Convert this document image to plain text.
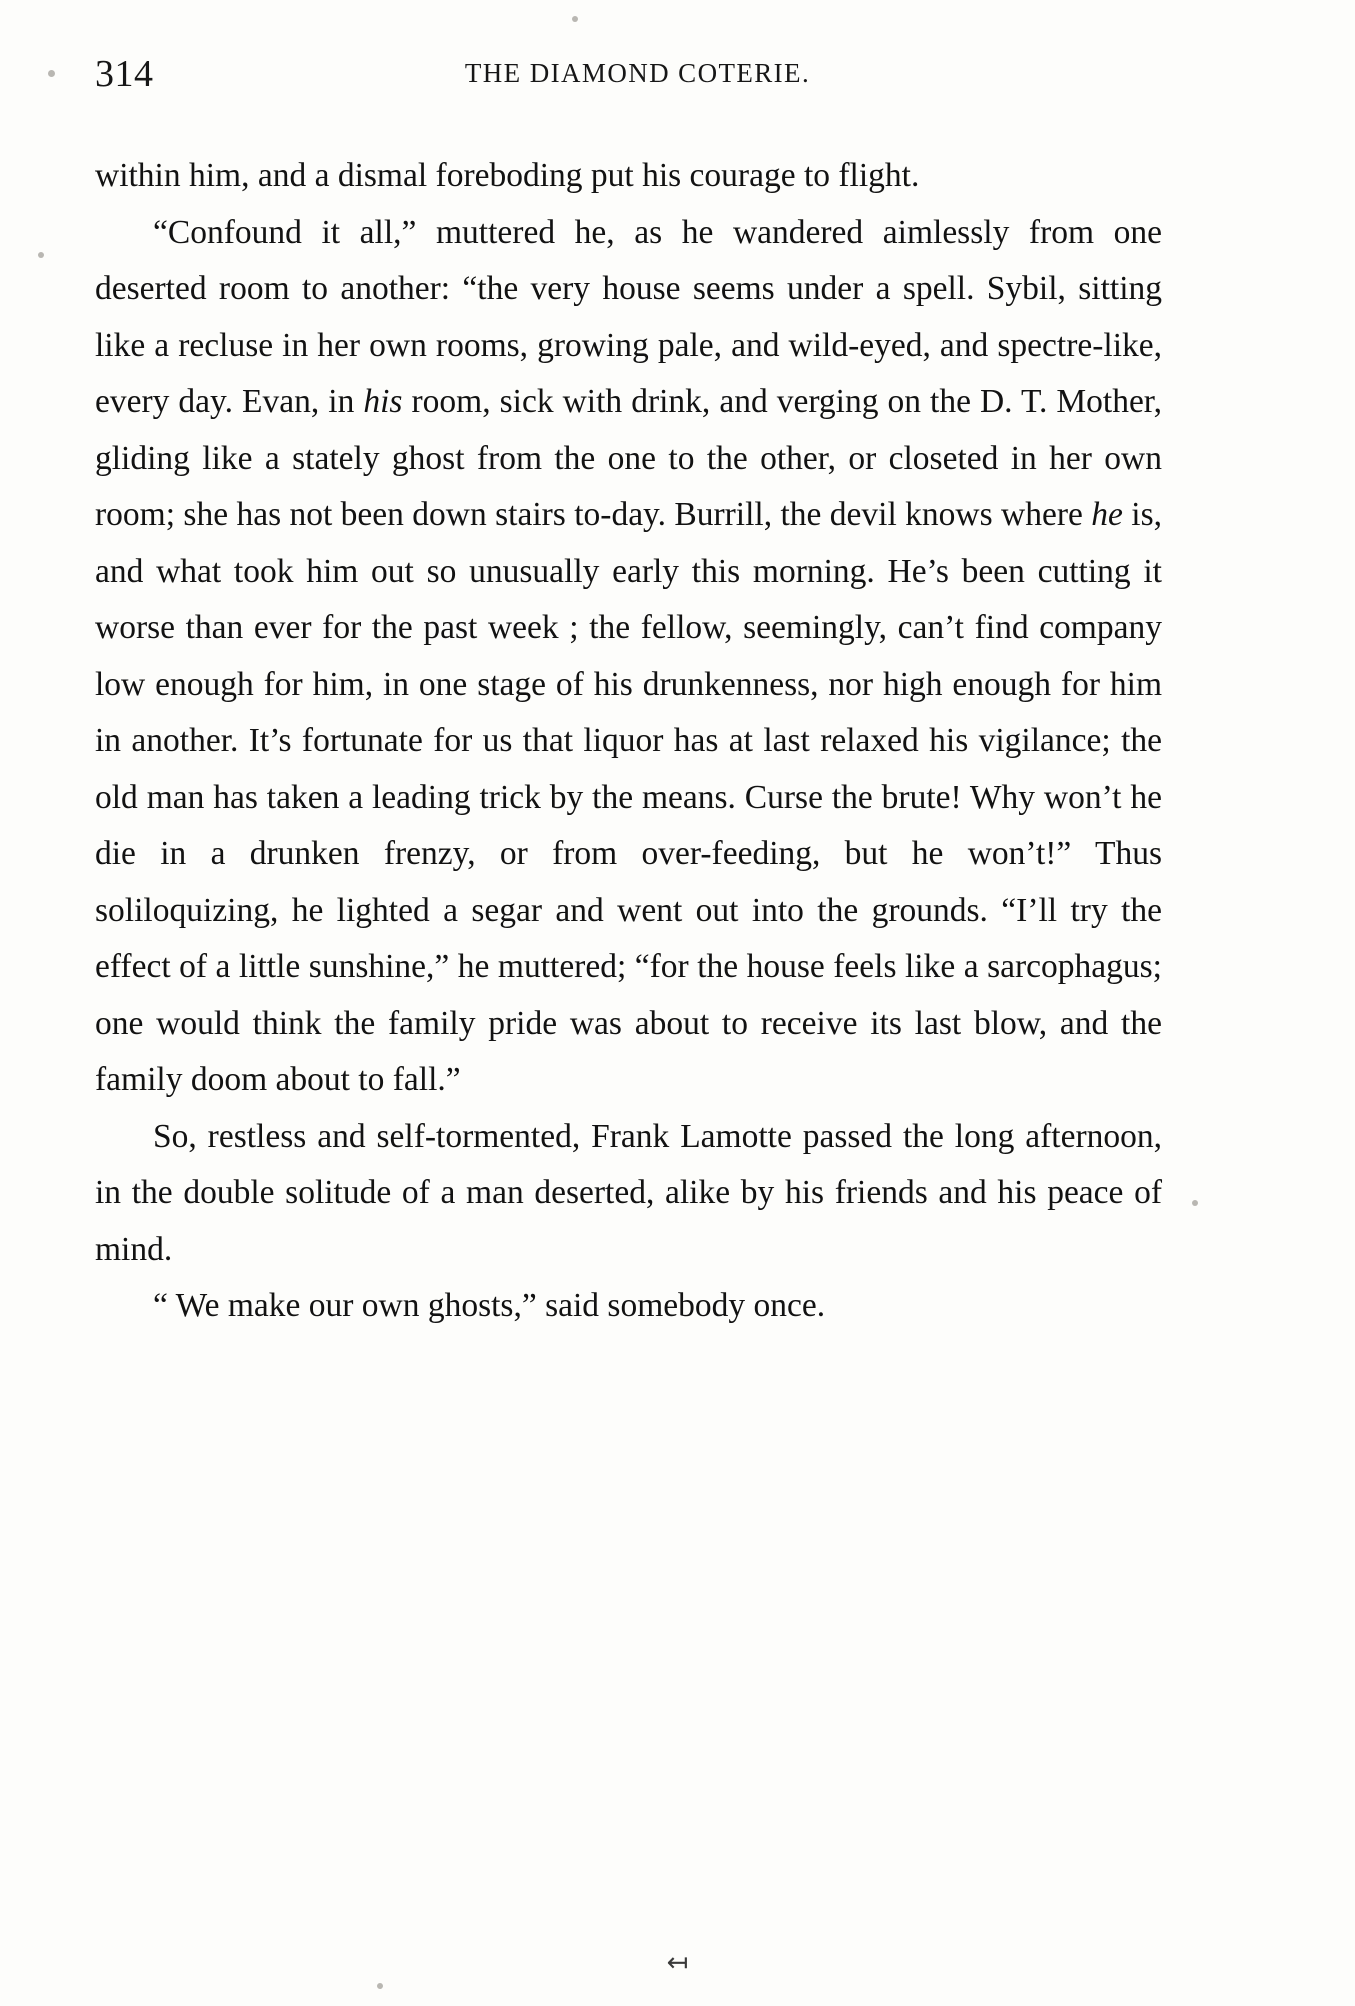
314	THE DIAMOND COTERIE.

within him, and a dismal foreboding put his courage to flight.

“Confound it all,” muttered he, as he wandered aimlessly from one deserted room to another: “the very house seems under a spell. Sybil, sitting like a recluse in her own rooms, growing pale, and wild-eyed, and spectre-like, every day. Evan, in his room, sick with drink, and verging on the D. T. Mother, gliding like a stately ghost from the one to the other, or closeted in her own room; she has not been down stairs to-day. Burrill, the devil knows where he is, and what took him out so unusually early this morning. He’s been cutting it worse than ever for the past week ; the fellow, seemingly, can’t find company low enough for him, in one stage of his drunkenness, nor high enough for him in another. It’s fortunate for us that liquor has at last relaxed his vigilance; the old man has taken a leading trick by the means. Curse the brute! Why won’t he die in a drunken frenzy, or from over-feeding, but he won’t!” Thus soliloquizing, he lighted a segar and went out into the grounds. “I’ll try the effect of a little sunshine,” he muttered; “for the house feels like a sarcophagus; one would think the family pride was about to receive its last blow, and the family doom about to fall.”

So, restless and self-tormented, Frank Lamotte passed the long afternoon, in the double solitude of a man deserted, alike by his friends and his peace of mind.

“ We make our own ghosts,” said somebody once.

↤
